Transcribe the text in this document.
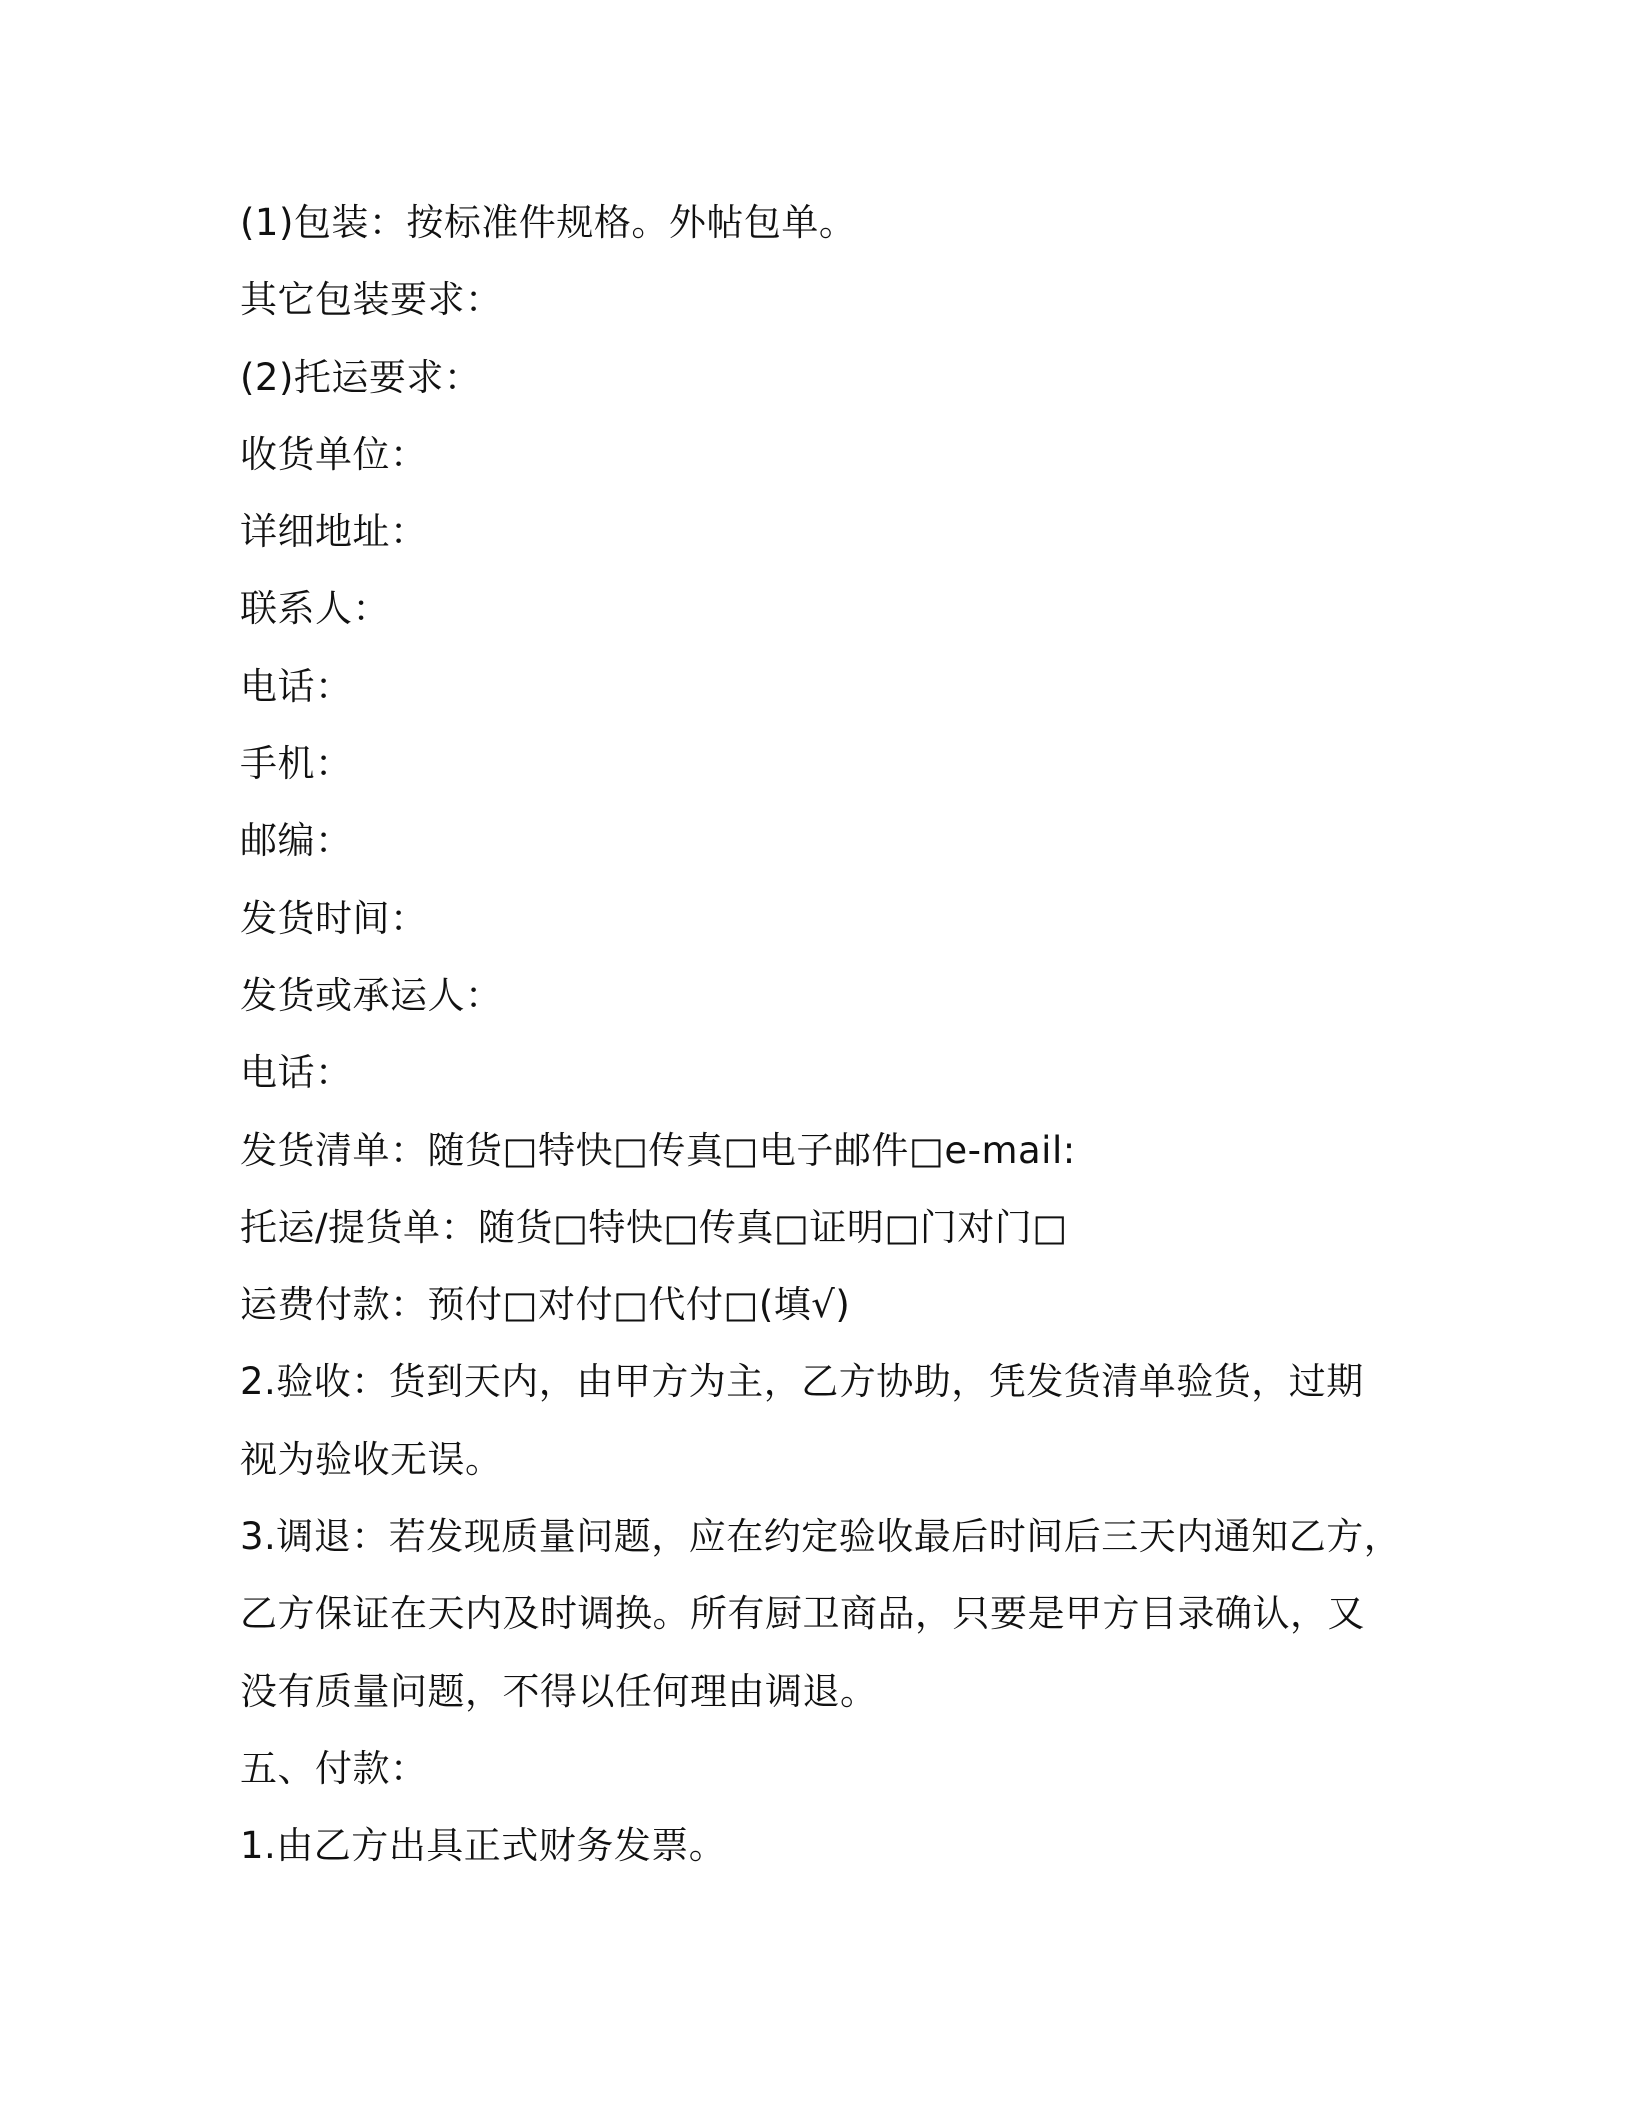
(1)包装：按标准件规格。外帖包单。
其它包装要求：
(2)托运要求：
收货单位：
详细地址：
联系人：
电话：
手机：
邮编：
发货时间：
发货或承运人：
电话：
发货清单：随货□特快□传真□电子邮件□e-mail:
托运/提货单：随货□特快□传真□证明□门对门□
运费付款：预付□对付□代付□(填√)
2.验收：货到天内，由甲方为主，乙方协助，凭发货清单验货，过期
视为验收无误。
3.调退：若发现质量问题，应在约定验收最后时间后三天内通知乙方，
乙方保证在天内及时调换。所有厨卫商品，只要是甲方目录确认，又
没有质量问题，不得以任何理由调退。
五、付款：
1.由乙方出具正式财务发票。
